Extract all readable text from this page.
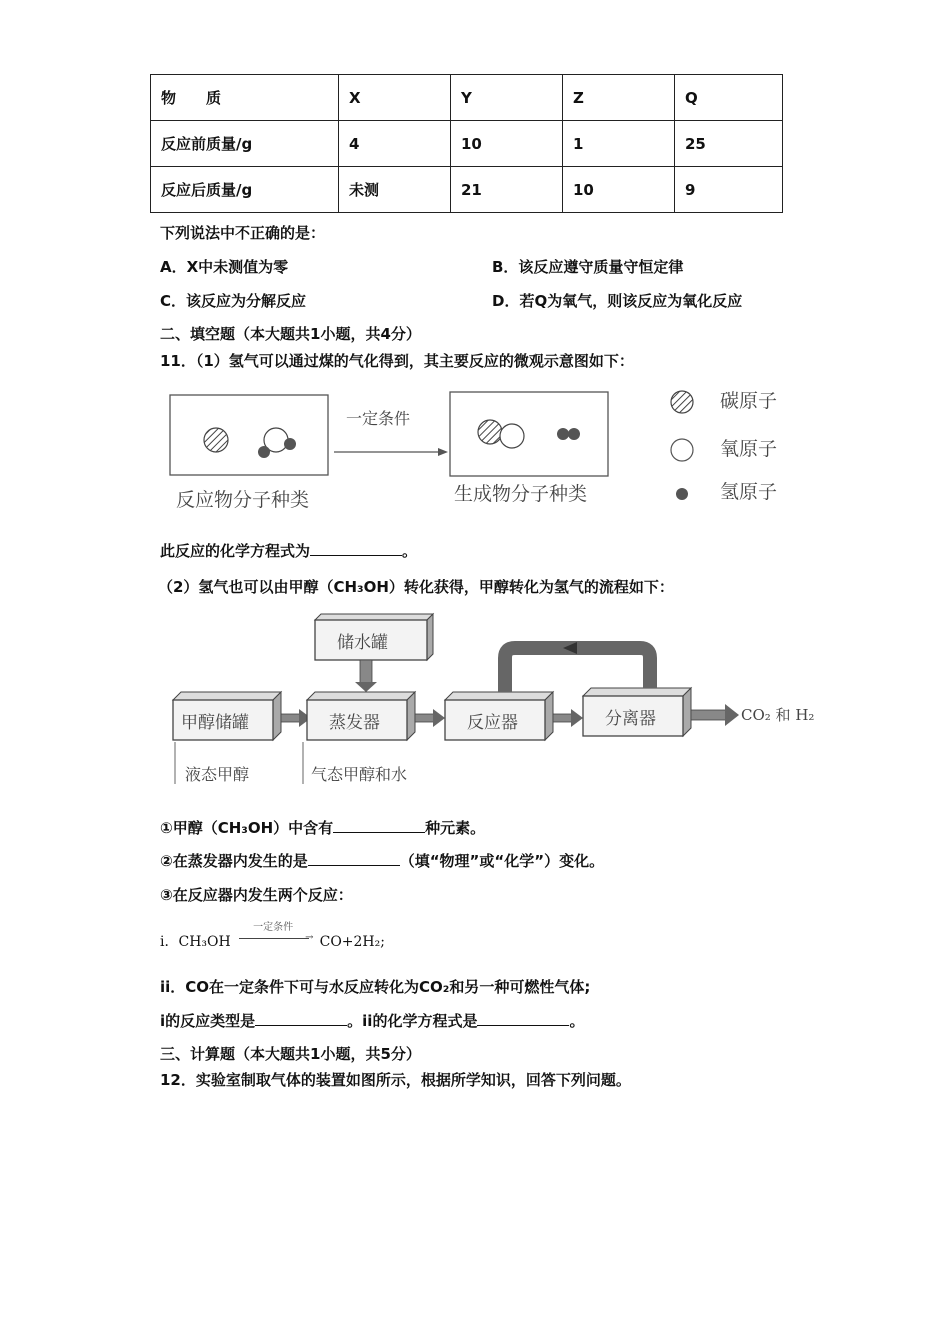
物　　质	X	Y	Z	Q
反应前质量/g	4	10	1	25
反应后质量/g	未测	21	10	9
下列说法中不正确的是：
A．X中未测值为零	B．该反应遵守质量守恒定律
C．该反应为分解反应	D．若Q为氧气，则该反应为氧化反应
二、填空题（本大题共1小题，共4分）
11．（1）氢气可以通过煤的气化得到，其主要反应的微观示意图如下：
反应物分子种类
一定条件
生成物分子种类
碳原子
氧原子
氢原子
此反应的化学方程式为	。
（2）氢气也可以由甲醇（CH₃OH）转化获得，甲醇转化为氢气的流程如下：
储水罐
甲醇储罐	蒸发器	反应器	分离器	CO₂ 和 H₂
液态甲醇	气态甲醇和水
①甲醇（CH₃OH）中含有	种元素。
②在蒸发器内发生的是	（填“物理”或“化学”）变化。
③在反应器内发生两个反应：
i．CH₃OH
一定条件
→ CO+2H₂;
ii．CO在一定条件下可与水反应转化为CO₂和另一种可燃性气体;
i的反应类型是	。ii的化学方程式是	。
三、计算题（本大题共1小题，共5分）
12．实验室制取气体的装置如图所示，根据所学知识，回答下列问题。
